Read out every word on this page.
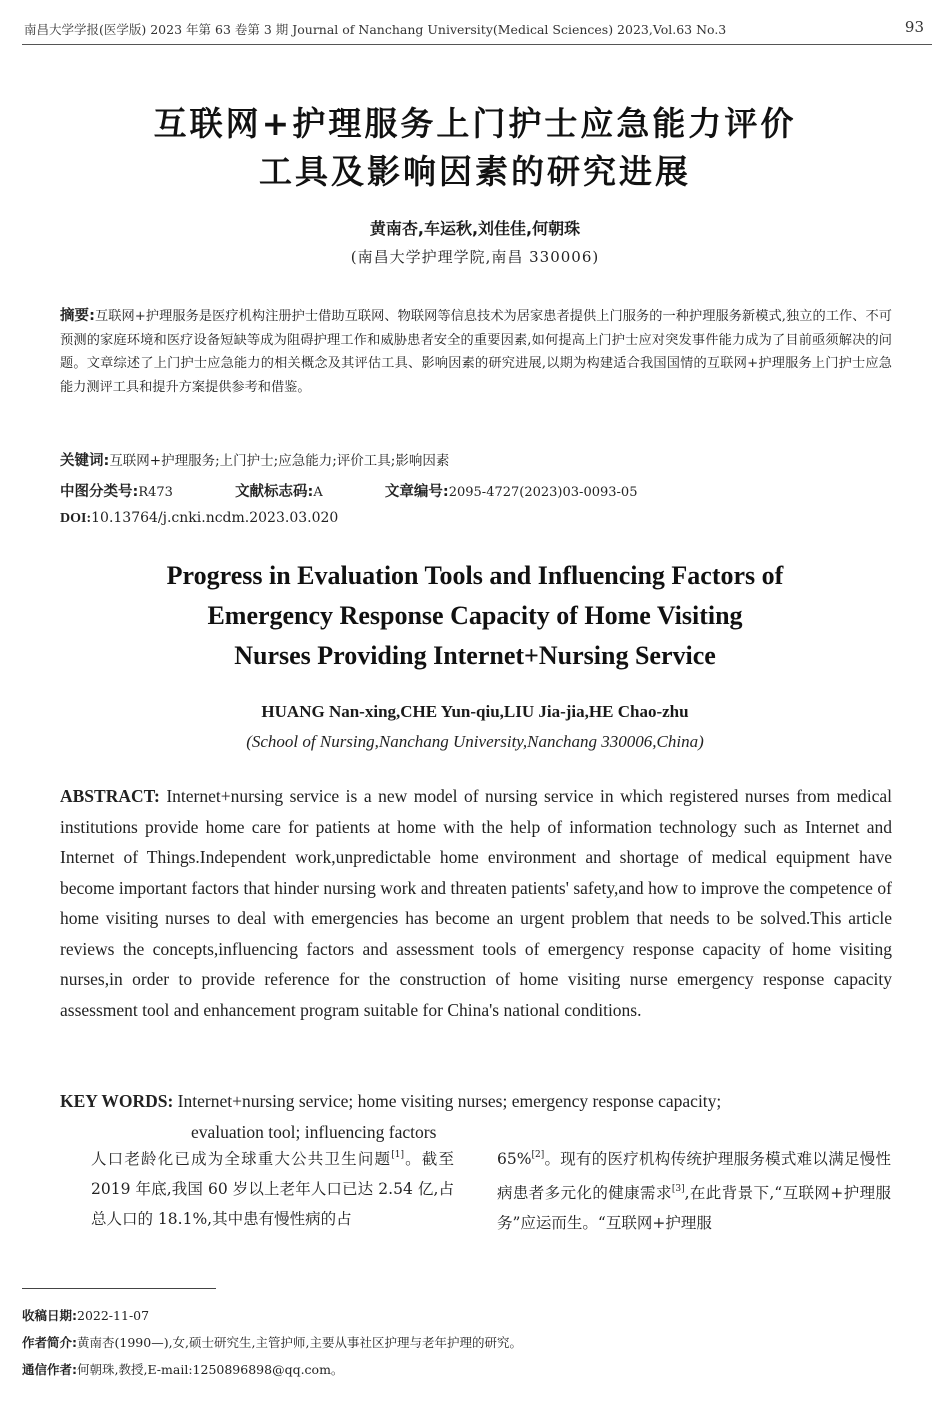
南昌大学学报(医学版) 2023 年第 63 卷第 3 期 Journal of Nanchang University(Medical Sciences) 2023,Vol.63 No.3	93
互联网+护理服务上门护士应急能力评价
工具及影响因素的研究进展
黄南杏,车运秋,刘佳佳,何朝珠
(南昌大学护理学院,南昌 330006)
摘要:互联网+护理服务是医疗机构注册护士借助互联网、物联网等信息技术为居家患者提供上门服务的一种护理服务新模式,独立的工作、不可预测的家庭环境和医疗设备短缺等成为阻碍护理工作和威胁患者安全的重要因素,如何提高上门护士应对突发事件能力成为了目前亟须解决的问题。文章综述了上门护士应急能力的相关概念及其评估工具、影响因素的研究进展,以期为构建适合我国国情的互联网+护理服务上门护士应急能力测评工具和提升方案提供参考和借鉴。
关键词:互联网+护理服务;上门护士;应急能力;评价工具;影响因素
中图分类号:R473	文献标志码:A	文章编号:2095-4727(2023)03-0093-05
DOI:10.13764/j.cnki.ncdm.2023.03.020
Progress in Evaluation Tools and Influencing Factors of
Emergency Response Capacity of Home Visiting
Nurses Providing Internet+Nursing Service
HUANG Nan-xing,CHE Yun-qiu,LIU Jia-jia,HE Chao-zhu
(School of Nursing,Nanchang University,Nanchang 330006,China)
ABSTRACT: Internet+nursing service is a new model of nursing service in which registered nurses from medical institutions provide home care for patients at home with the help of information technology such as Internet and Internet of Things.Independent work,unpredictable home environment and shortage of medical equipment have become important factors that hinder nursing work and threaten patients' safety,and how to improve the competence of home visiting nurses to deal with emergencies has become an urgent problem that needs to be solved.This article reviews the concepts,influencing factors and assessment tools of emergency response capacity of home visiting nurses,in order to provide reference for the construction of home visiting nurse emergency response capacity assessment tool and enhancement program suitable for China's national conditions.
KEY WORDS: Internet+nursing service; home visiting nurses; emergency response capacity;
evaluation tool; influencing factors
人口老龄化已成为全球重大公共卫生问题[1]。截至 2019 年底,我国 60 岁以上老年人口已达 2.54 亿,占总人口的 18.1%,其中患有慢性病的占
65%[2]。现有的医疗机构传统护理服务模式难以满足慢性病患者多元化的健康需求[3],在此背景下,“互联网+护理服务”应运而生。“互联网+护理服
收稿日期:2022-11-07
作者简介:黄南杏(1990—),女,硕士研究生,主管护师,主要从事社区护理与老年护理的研究。
通信作者:何朝珠,教授,E-mail:1250896898@qq.com。
